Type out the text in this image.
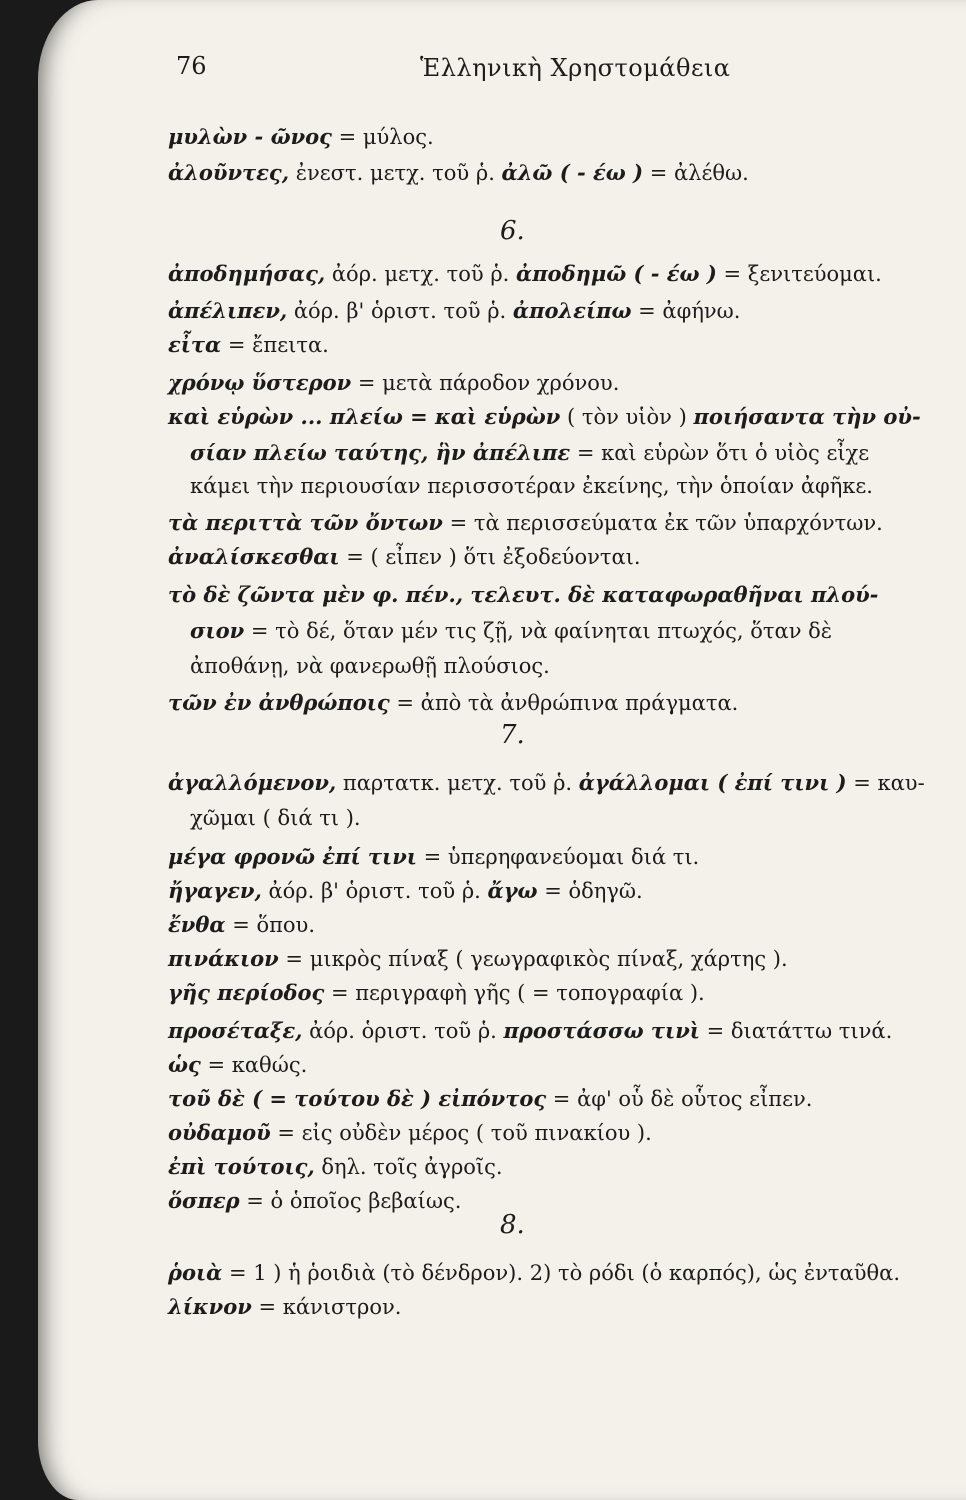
76	Ἑλληνικὴ Χρηστομάθεια
μυλὼν - ῶνος = μύλος.
ἀλοῦντες, ἐνεστ. μετχ. τοῦ ῥ. ἀλῶ ( - έω ) = ἀλέθω.
6.
ἀποδημήσας, ἀόρ. μετχ. τοῦ ῥ. ἀποδημῶ ( - έω ) = ξενιτεύομαι.
ἀπέλιπεν, ἀόρ. β' ὁριστ. τοῦ ῥ. ἀπολείπω = ἀφήνω.
εἶτα = ἔπειτα.
χρόνῳ ὕστερον = μετὰ πάροδον χρόνου.
καὶ εὑρὼν ... πλείω = καὶ εὑρὼν ( τὸν υἱὸν ) ποιήσαντα τὴν οὐ-
σίαν πλείω ταύτης, ἣν ἀπέλιπε = καὶ εὑρὼν ὅτι ὁ υἱὸς εἶχε
κάμει τὴν περιουσίαν περισσοτέραν ἐκείνης, τὴν ὁποίαν ἀφῆκε.
τὰ περιττὰ τῶν ὄντων = τὰ περισσεύματα ἐκ τῶν ὑπαρχόντων.
ἀναλίσκεσθαι = ( εἶπεν ) ὅτι ἐξοδεύονται.
τὸ δὲ ζῶντα μὲν φ. πέν., τελευτ. δὲ καταφωραθῆναι πλού-
σιον = τὸ δέ, ὅταν μέν τις ζῇ, νὰ φαίνηται πτωχός, ὅταν δὲ
ἀποθάνῃ, νὰ φανερωθῇ πλούσιος.
τῶν ἐν ἀνθρώποις = ἀπὸ τὰ ἀνθρώπινα πράγματα.
7.
ἀγαλλόμενον, παρτατκ. μετχ. τοῦ ῥ. ἀγάλλομαι ( ἐπί τινι ) = καυ-
χῶμαι ( διά τι ).
μέγα φρονῶ ἐπί τινι = ὑπερηφανεύομαι διά τι.
ἤγαγεν, ἀόρ. β' ὁριστ. τοῦ ῥ. ἄγω = ὁδηγῶ.
ἔνθα = ὅπου.
πινάκιον = μικρὸς πίναξ ( γεωγραφικὸς πίναξ, χάρτης ).
γῆς περίοδος = περιγραφὴ γῆς ( = τοπογραφία ).
προσέταξε, ἀόρ. ὁριστ. τοῦ ῥ. προστάσσω τινὶ = διατάττω τινά.
ὡς = καθώς.
τοῦ δὲ ( = τούτου δὲ ) εἰπόντος = ἀφ' οὗ δὲ οὗτος εἶπεν.
οὐδαμοῦ = εἰς οὐδὲν μέρος ( τοῦ πινακίου ).
ἐπὶ τούτοις, δηλ. τοῖς ἀγροῖς.
ὅσπερ = ὁ ὁποῖος βεβαίως.
8.
ῥοιὰ = 1 ) ἡ ῥοιδιὰ (τὸ δένδρον). 2) τὸ ρόδι (ὁ καρπός), ὡς ἐνταῦθα.
λίκνον = κάνιστρον.
